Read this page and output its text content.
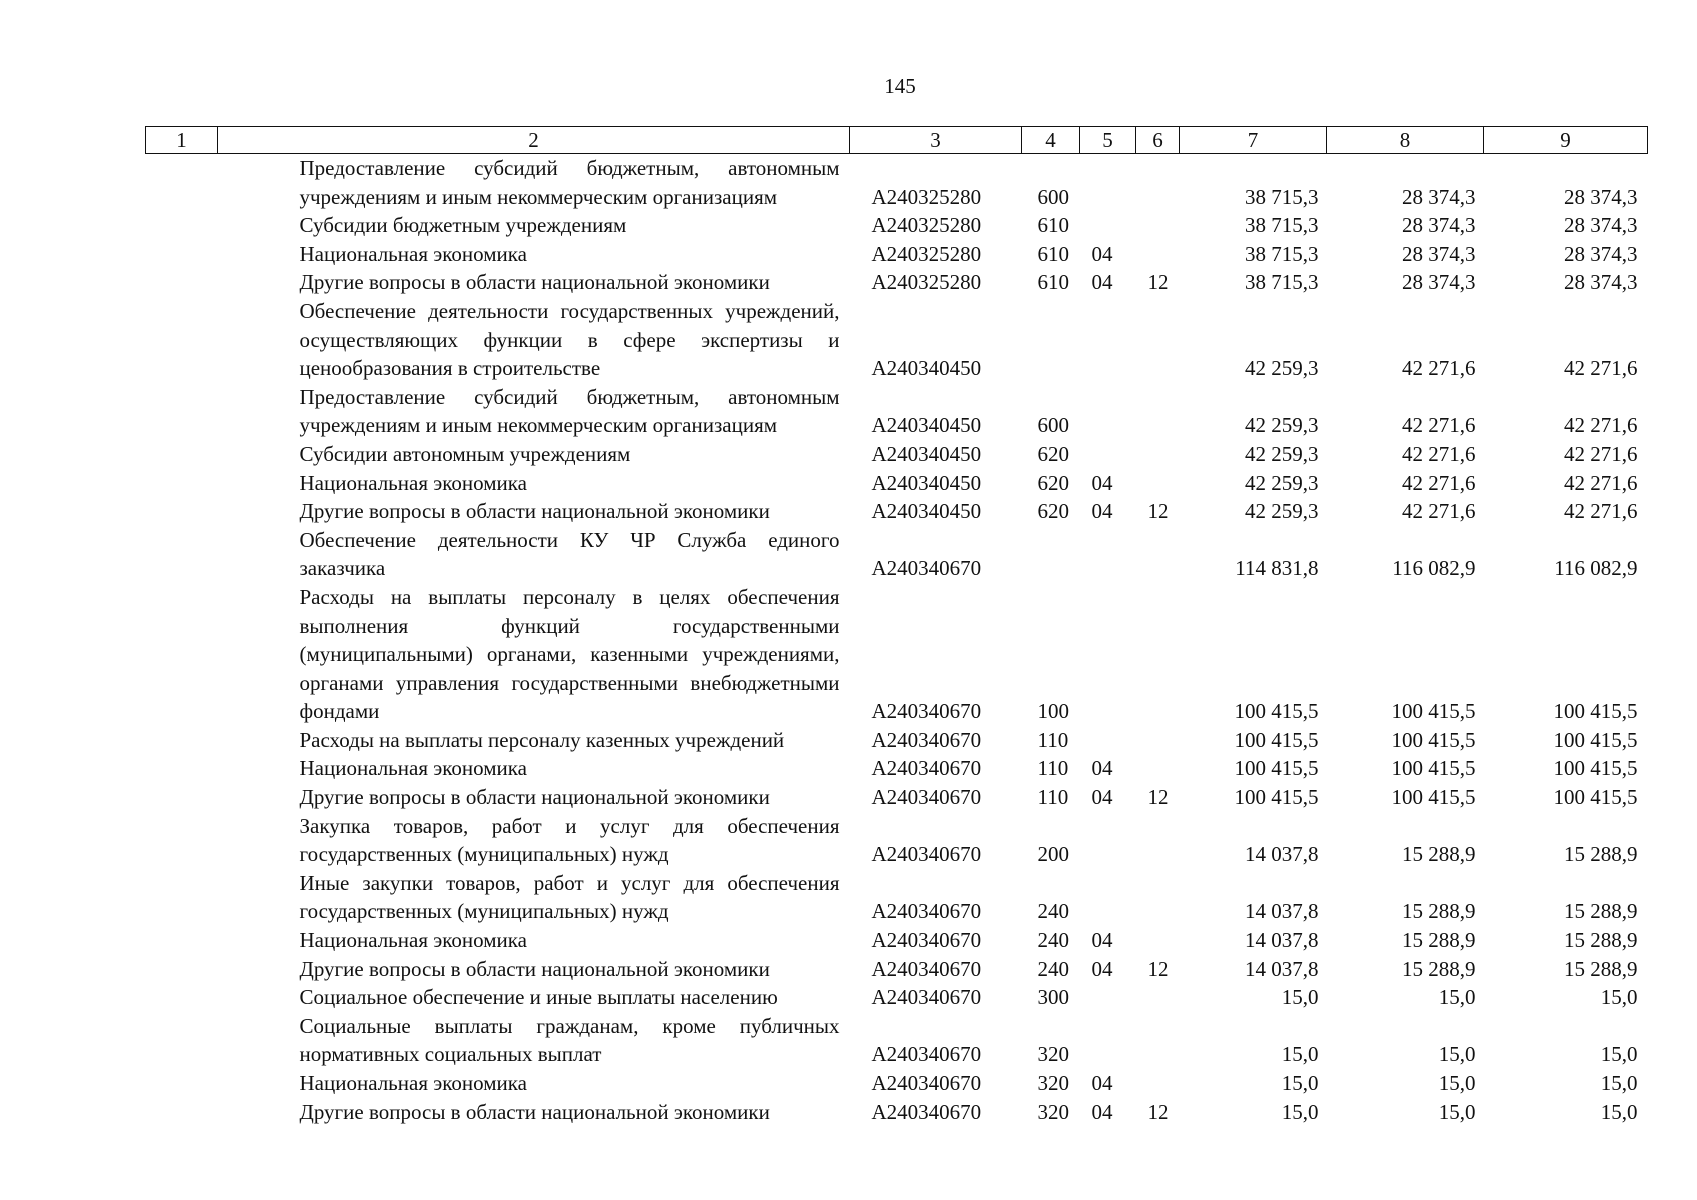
145
1	2	3	4	5	6	7	8	9
	Предоставление субсидий бюджетным, автономным учреждениям и иным некоммерческим организациям	А240325280	600			38 715,3	28 374,3	28 374,3
	Субсидии бюджетным учреждениям	А240325280	610			38 715,3	28 374,3	28 374,3
	Национальная экономика	А240325280	610	04		38 715,3	28 374,3	28 374,3
	Другие вопросы в области национальной экономики	А240325280	610	04	12	38 715,3	28 374,3	28 374,3
	Обеспечение деятельности государственных учреждений, осуществляющих функции в сфере экспертизы и ценообразования в строительстве	А240340450				42 259,3	42 271,6	42 271,6
	Предоставление субсидий бюджетным, автономным учреждениям и иным некоммерческим организациям	А240340450	600			42 259,3	42 271,6	42 271,6
	Субсидии автономным учреждениям	А240340450	620			42 259,3	42 271,6	42 271,6
	Национальная экономика	А240340450	620	04		42 259,3	42 271,6	42 271,6
	Другие вопросы в области национальной экономики	А240340450	620	04	12	42 259,3	42 271,6	42 271,6
	Обеспечение деятельности КУ ЧР Служба единого заказчика	А240340670				114 831,8	116 082,9	116 082,9
	Расходы на выплаты персоналу в целях обеспечения выполнения функций государственными (муниципальными) органами, казенными учреждениями, органами управления государственными внебюджетными фондами	А240340670	100			100 415,5	100 415,5	100 415,5
	Расходы на выплаты персоналу казенных учреждений	А240340670	110			100 415,5	100 415,5	100 415,5
	Национальная экономика	А240340670	110	04		100 415,5	100 415,5	100 415,5
	Другие вопросы в области национальной экономики	А240340670	110	04	12	100 415,5	100 415,5	100 415,5
	Закупка товаров, работ и услуг для обеспечения государственных (муниципальных) нужд	А240340670	200			14 037,8	15 288,9	15 288,9
	Иные закупки товаров, работ и услуг для обеспечения государственных (муниципальных) нужд	А240340670	240			14 037,8	15 288,9	15 288,9
	Национальная экономика	А240340670	240	04		14 037,8	15 288,9	15 288,9
	Другие вопросы в области национальной экономики	А240340670	240	04	12	14 037,8	15 288,9	15 288,9
	Социальное обеспечение и иные выплаты населению	А240340670	300			15,0	15,0	15,0
	Социальные выплаты гражданам, кроме публичных нормативных социальных выплат	А240340670	320			15,0	15,0	15,0
	Национальная экономика	А240340670	320	04		15,0	15,0	15,0
	Другие вопросы в области национальной экономики	А240340670	320	04	12	15,0	15,0	15,0
